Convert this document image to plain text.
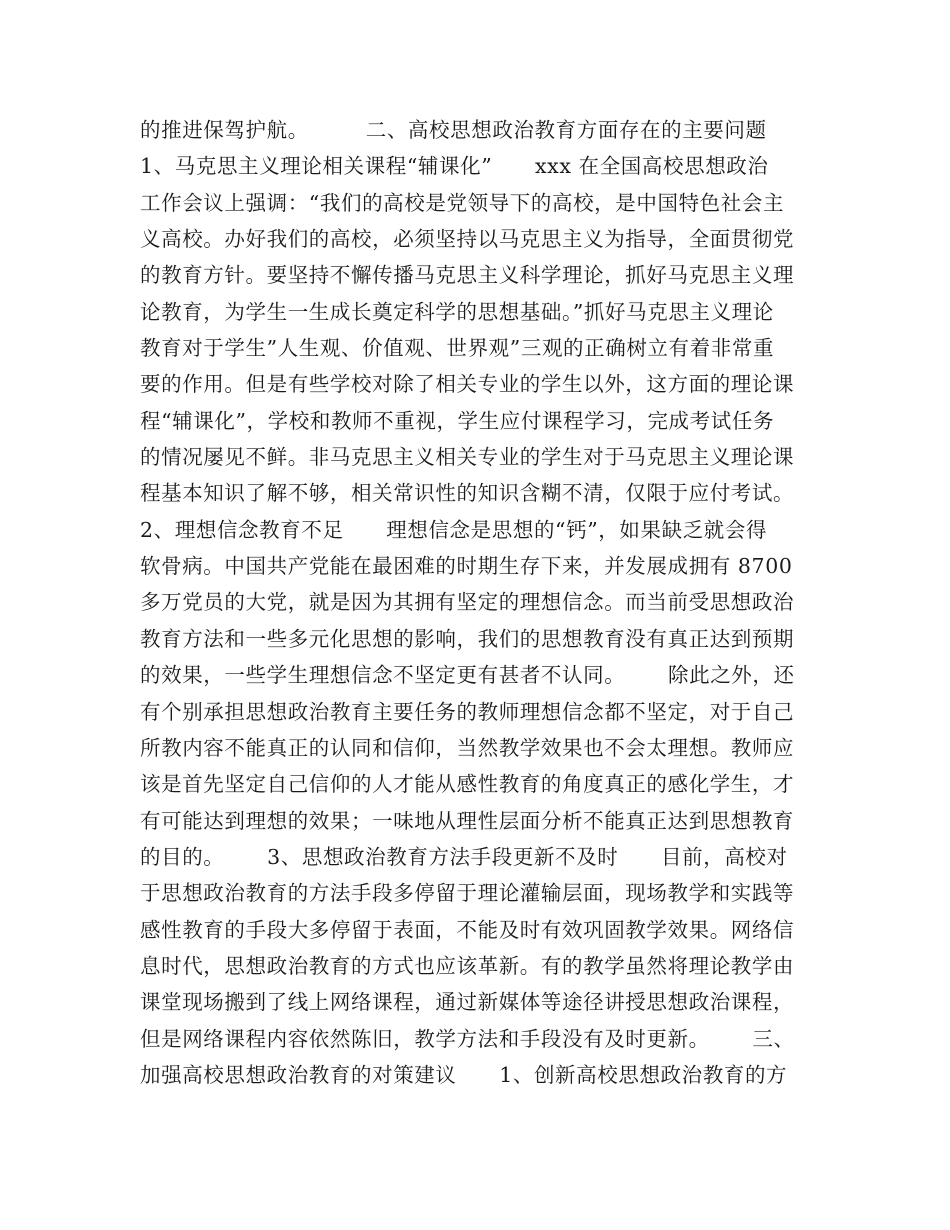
的推进保驾护航。        二、高校思想政治教育方面存在的主要问题
1、马克思主义理论相关课程“辅课化”      xxx 在全国高校思想政治
工作会议上强调：“我们的高校是党领导下的高校，是中国特色社会主
义高校。办好我们的高校，必须坚持以马克思主义为指导，全面贯彻党
的教育方针。要坚持不懈传播马克思主义科学理论，抓好马克思主义理
论教育，为学生一生成长奠定科学的思想基础。”抓好马克思主义理论
教育对于学生”人生观、价值观、世界观”三观的正确树立有着非常重
要的作用。但是有些学校对除了相关专业的学生以外，这方面的理论课
程“辅课化”，学校和教师不重视，学生应付课程学习，完成考试任务
的情况屡见不鲜。非马克思主义相关专业的学生对于马克思主义理论课
程基本知识了解不够，相关常识性的知识含糊不清，仅限于应付考试。
2、理想信念教育不足      理想信念是思想的“钙”，如果缺乏就会得
软骨病。中国共产党能在最困难的时期生存下来，并发展成拥有 8700
多万党员的大党，就是因为其拥有坚定的理想信念。而当前受思想政治
教育方法和一些多元化思想的影响，我们的思想教育没有真正达到预期
的效果，一些学生理想信念不坚定更有甚者不认同。      除此之外，还
有个别承担思想政治教育主要任务的教师理想信念都不坚定，对于自己
所教内容不能真正的认同和信仰，当然教学效果也不会太理想。教师应
该是首先坚定自己信仰的人才能从感性教育的角度真正的感化学生，才
有可能达到理想的效果；一味地从理性层面分析不能真正达到思想教育
的目的。      3、思想政治教育方法手段更新不及时      目前，高校对
于思想政治教育的方法手段多停留于理论灌输层面，现场教学和实践等
感性教育的手段大多停留于表面，不能及时有效巩固教学效果。网络信
息时代，思想政治教育的方式也应该革新。有的教学虽然将理论教学由
课堂现场搬到了线上网络课程，通过新媒体等途径讲授思想政治课程，
但是网络课程内容依然陈旧，教学方法和手段没有及时更新。      三、
加强高校思想政治教育的对策建议      1、创新高校思想政治教育的方
